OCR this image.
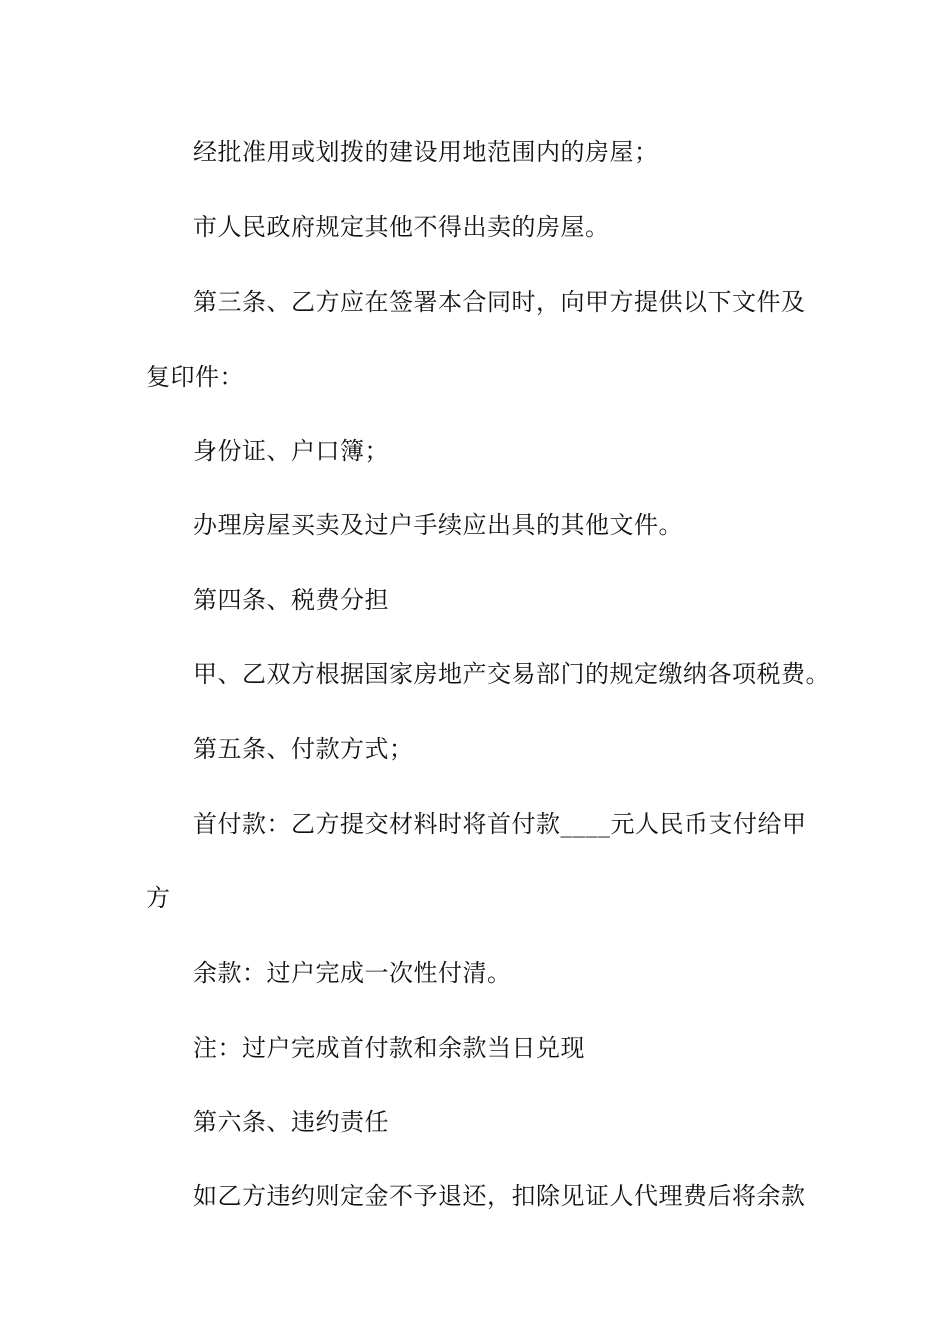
经批准用或划拨的建设用地范围内的房屋；
市人民政府规定其他不得出卖的房屋。
第三条、乙方应在签署本合同时，向甲方提供以下文件及
复印件：
身份证、户口簿；
办理房屋买卖及过户手续应出具的其他文件。
第四条、税费分担
甲、乙双方根据国家房地产交易部门的规定缴纳各项税费。
第五条、付款方式；
首付款：乙方提交材料时将首付款____元人民币支付给甲
方
余款：过户完成一次性付清。
注：过户完成首付款和余款当日兑现
第六条、违约责任
如乙方违约则定金不予退还，扣除见证人代理费后将余款
